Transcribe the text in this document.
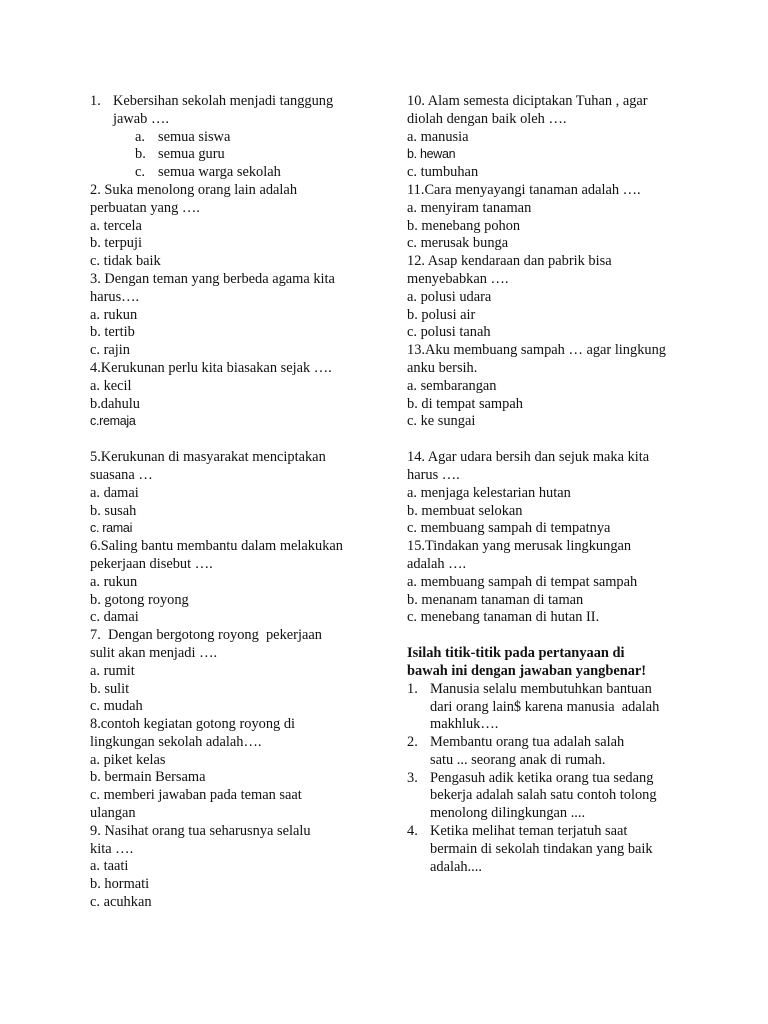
1. Kebersihan sekolah menjadi tanggung
jawab ….
a. semua siswa
b. semua guru
c. semua warga sekolah
2. Suka menolong orang lain adalah
perbuatan yang ….
a. tercela
b. terpuji
c. tidak baik
3. Dengan teman yang berbeda agama kita
harus….
a. rukun
b. tertib
c. rajin
4.Kerukunan perlu kita biasakan sejak ….
a. kecil
b.dahulu
c.remaja
5.Kerukunan di masyarakat menciptakan
suasana …
a. damai
b. susah
c. ramai
6.Saling bantu membantu dalam melakukan
pekerjaan disebut ….
a. rukun
b. gotong royong
c. damai
7.  Dengan bergotong royong  pekerjaan
sulit akan menjadi ….
a. rumit
b. sulit
c. mudah
8.contoh kegiatan gotong royong di
lingkungan sekolah adalah….
a. piket kelas
b. bermain Bersama
c. memberi jawaban pada teman saat
ulangan
9. Nasihat orang tua seharusnya selalu
kita ….
a. taati
b. hormati
c. acuhkan
10. Alam semesta diciptakan Tuhan , agar
diolah dengan baik oleh ….
a. manusia
b. hewan
c. tumbuhan
11.Cara menyayangi tanaman adalah ….
a. menyiram tanaman
b. menebang pohon
c. merusak bunga
12. Asap kendaraan dan pabrik bisa
menyebabkan ….
a. polusi udara
b. polusi air
c. polusi tanah
13.Aku membuang sampah … agar lingkung
anku bersih.
a. sembarangan
b. di tempat sampah
c. ke sungai
14. Agar udara bersih dan sejuk maka kita
harus ….
a. menjaga kelestarian hutan
b. membuat selokan
c. membuang sampah di tempatnya
15.Tindakan yang merusak lingkungan
adalah ….
a. membuang sampah di tempat sampah
b. menanam tanaman di taman
c. menebang tanaman di hutan II.
Isilah titik-titik pada pertanyaan di
bawah ini dengan jawaban yangbenar!
1. Manusia selalu membutuhkan bantuan
dari orang lain$ karena manusia  adalah
makhluk….
2. Membantu orang tua adalah salah
satu ... seorang anak di rumah.
3. Pengasuh adik ketika orang tua sedang
bekerja adalah salah satu contoh tolong
menolong dilingkungan ....
4. Ketika melihat teman terjatuh saat
bermain di sekolah tindakan yang baik
adalah....
